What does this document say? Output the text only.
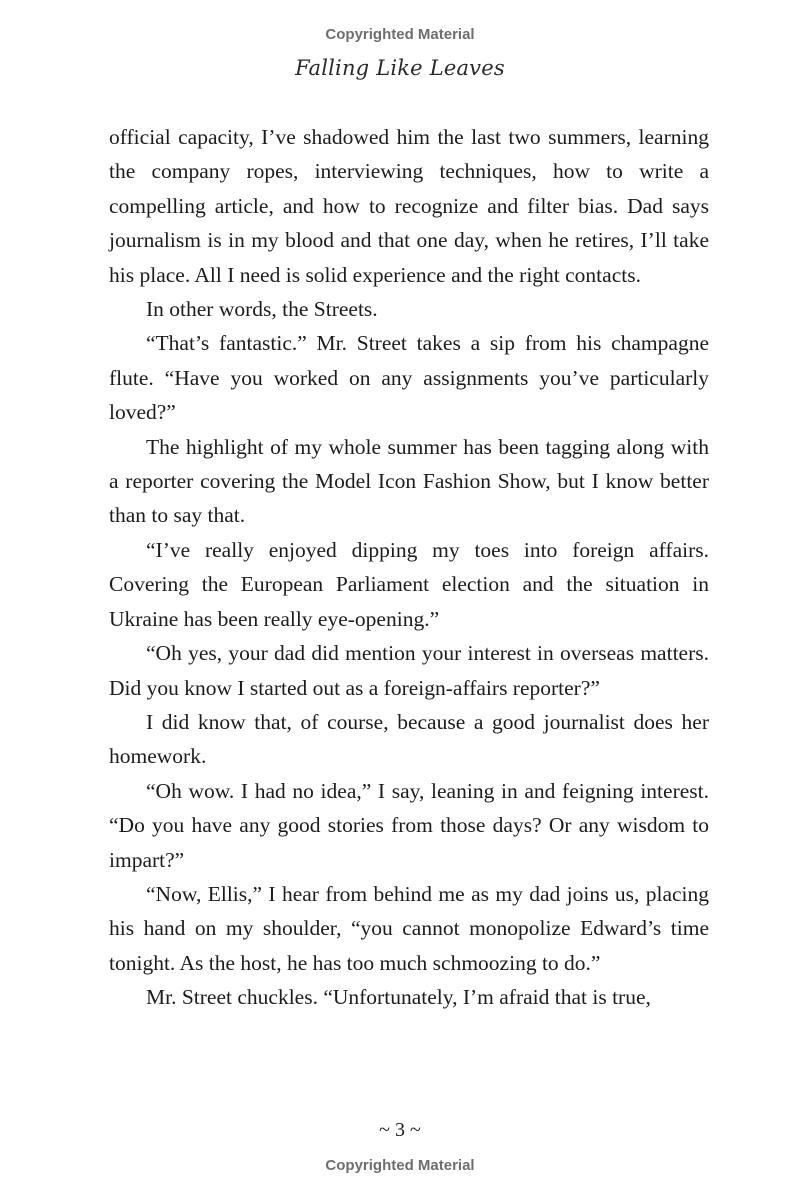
Copyrighted Material
Falling Like Leaves

official capacity, I’ve shadowed him the last two summers, learning the company ropes, interviewing techniques, how to write a compelling article, and how to recognize and filter bias. Dad says journalism is in my blood and that one day, when he retires, I’ll take his place. All I need is solid experience and the right contacts.

In other words, the Streets.

“That’s fantastic.” Mr. Street takes a sip from his champagne flute. “Have you worked on any assignments you’ve particularly loved?”

The highlight of my whole summer has been tagging along with a reporter covering the Model Icon Fashion Show, but I know better than to say that.

“I’ve really enjoyed dipping my toes into foreign affairs. Covering the European Parliament election and the situation in Ukraine has been really eye-opening.”

“Oh yes, your dad did mention your interest in overseas matters. Did you know I started out as a foreign-affairs reporter?”

I did know that, of course, because a good journalist does her homework.

“Oh wow. I had no idea,” I say, leaning in and feigning interest. “Do you have any good stories from those days? Or any wisdom to impart?”

“Now, Ellis,” I hear from behind me as my dad joins us, placing his hand on my shoulder, “you cannot monopolize Edward’s time tonight. As the host, he has too much schmoozing to do.”

Mr. Street chuckles. “Unfortunately, I’m afraid that is true,

~ 3 ~
Copyrighted Material
